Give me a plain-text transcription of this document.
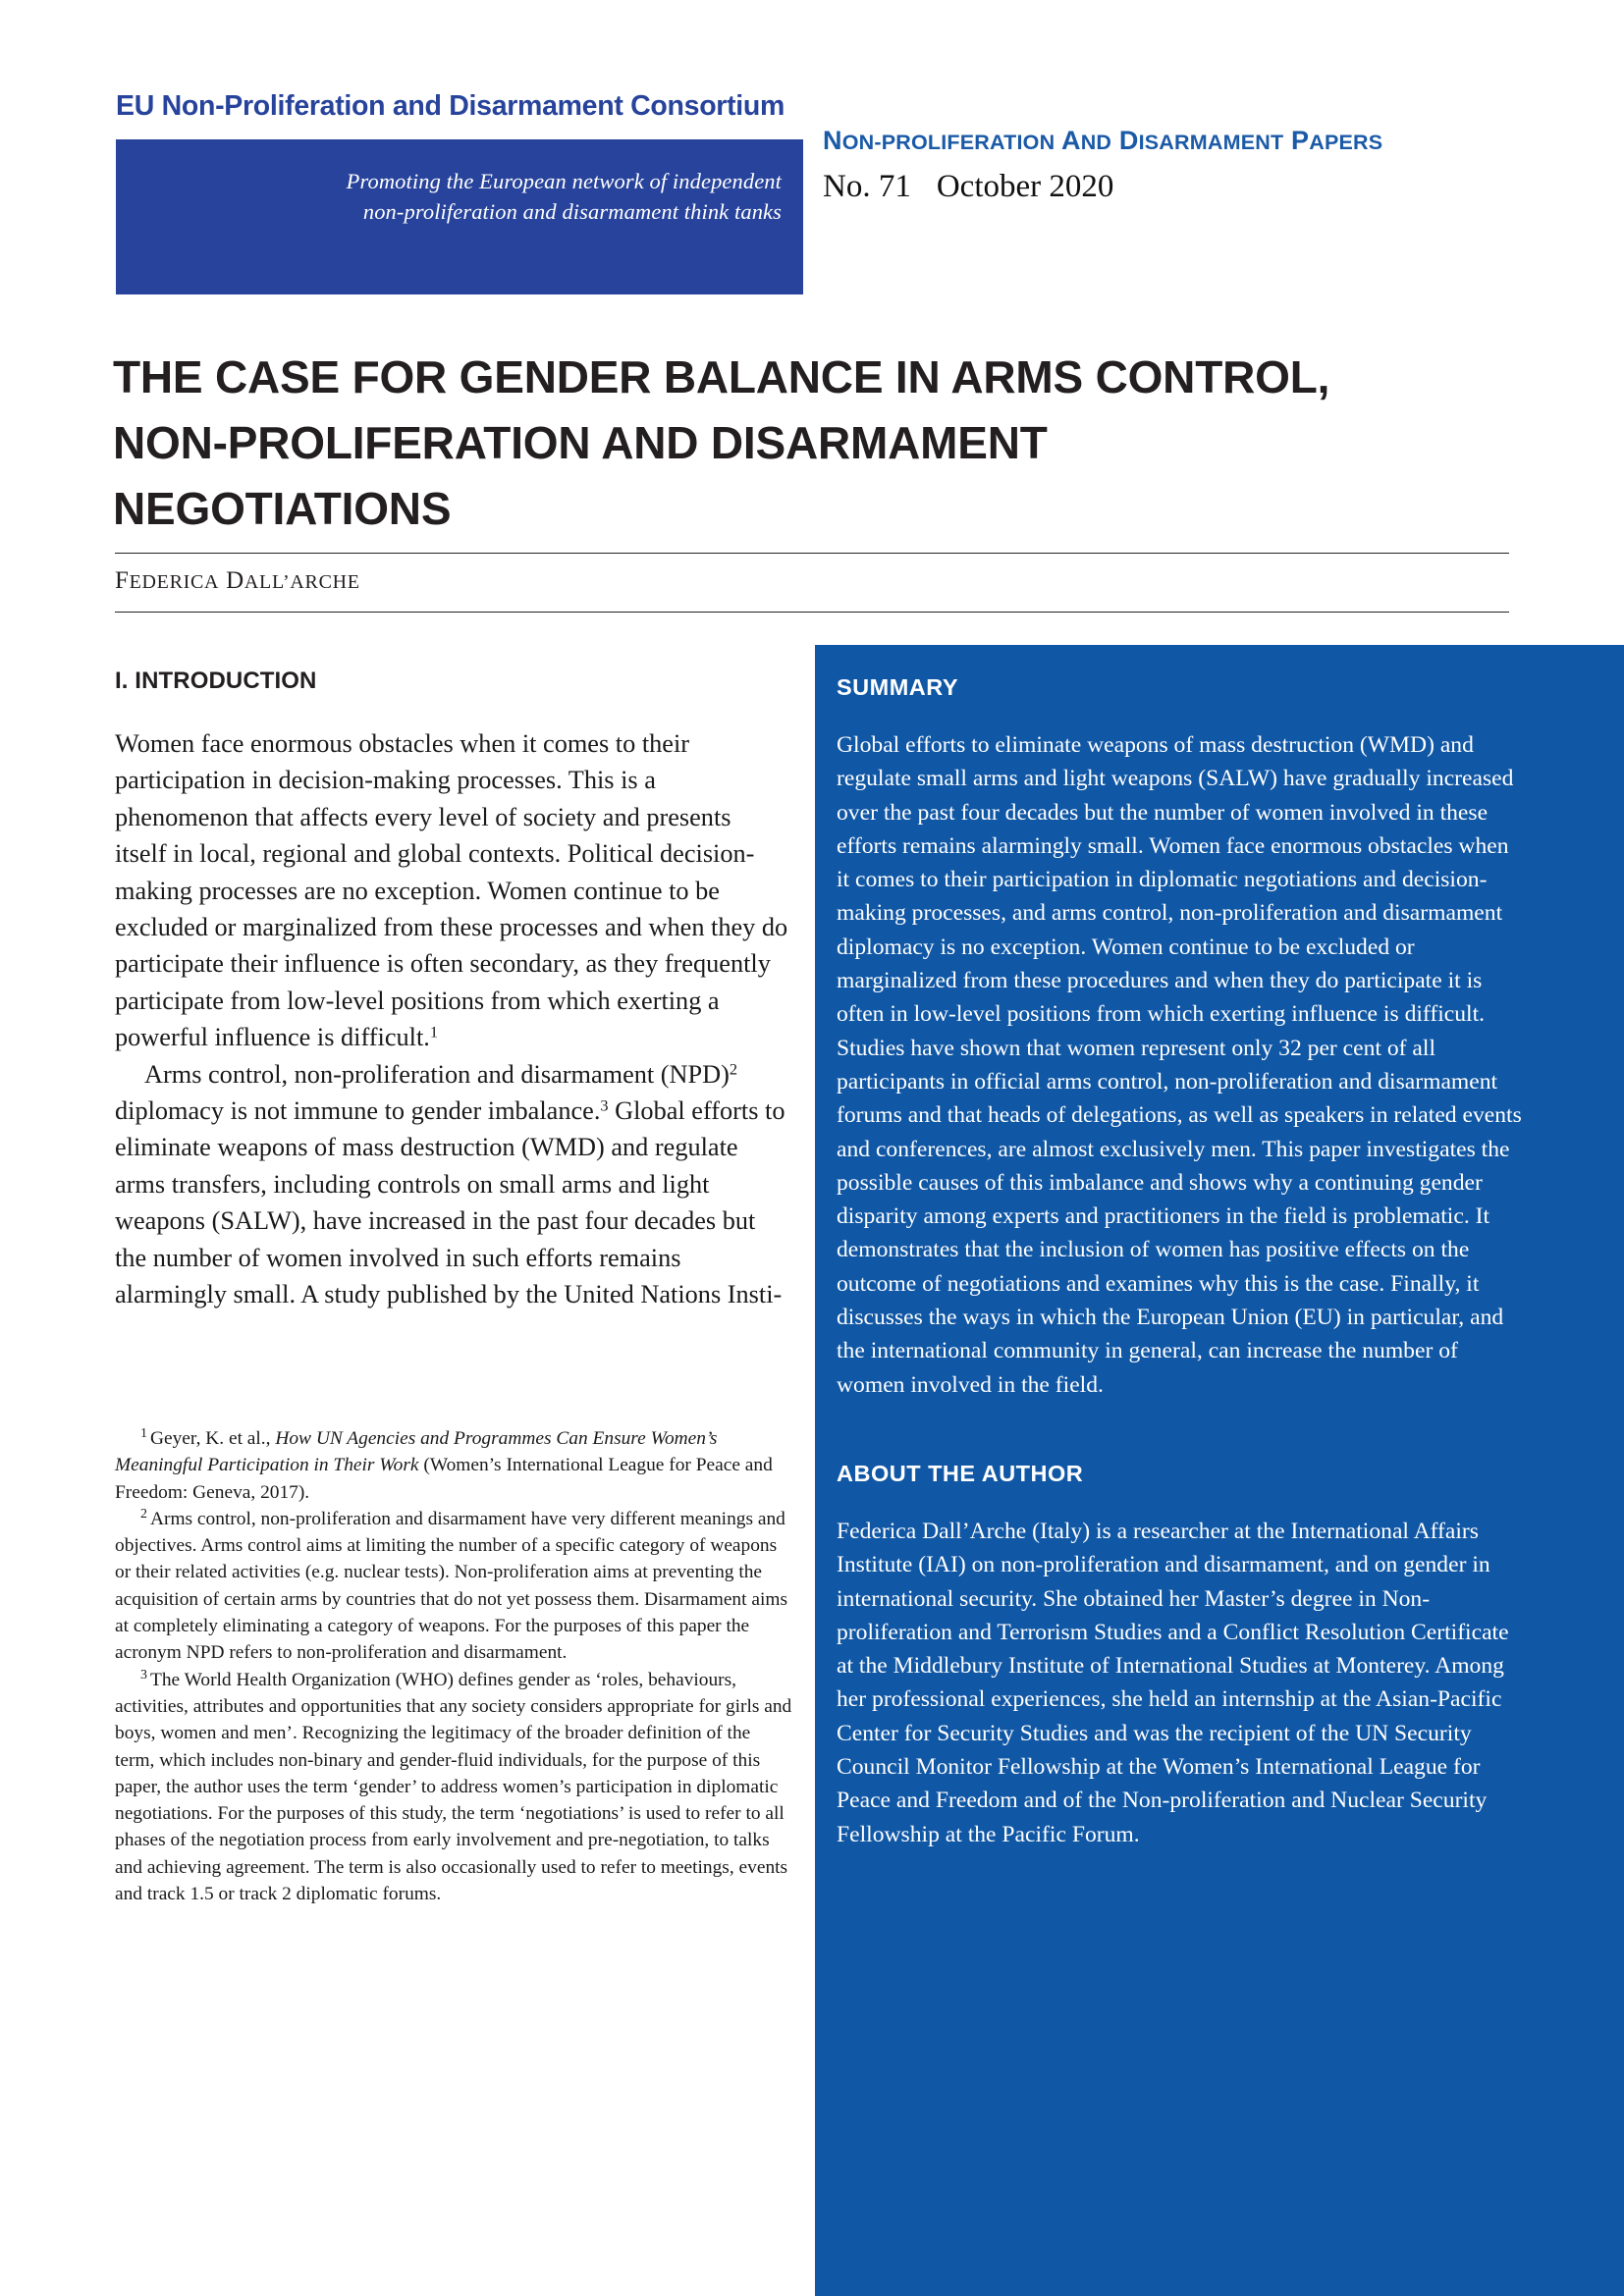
EU Non-Proliferation and Disarmament Consortium
Promoting the European network of independent
non-proliferation and disarmament think tanks
NON-PROLIFERATION AND DISARMAMENT PAPERS
No. 71 October 2020
THE CASE FOR GENDER BALANCE IN ARMS CONTROL, NON-PROLIFERATION AND DISARMAMENT NEGOTIATIONS
FEDERICA DALL’ARCHE
I. INTRODUCTION

Women face enormous obstacles when it comes to their participation in decision-making processes. This is a phenomenon that affects every level of society and presents itself in local, regional and global contexts. Political decision-making processes are no exception. Women continue to be excluded or marginalized from these processes and when they do participate their influence is often secondary, as they frequently participate from low-level positions from which exerting a powerful influence is difficult.$^1$

Arms control, non-proliferation and disarmament (NPD)$^2$ diplomacy is not immune to gender imbalance.$^3$ Global efforts to eliminate weapons of mass destruction (WMD) and regulate arms transfers, including controls on small arms and light weapons (SALW), have increased in the past four decades but the number of women involved in such efforts remains alarmingly small. A study published by the United Nations Insti-

$^1$ Geyer, K. et al., How UN Agencies and Programmes Can Ensure Women’s Meaningful Participation in Their Work (Women’s International League for Peace and Freedom: Geneva, 2017).

$^2$ Arms control, non-proliferation and disarmament have very different meanings and objectives. Arms control aims at limiting the number of a specific category of weapons or their related activities (e.g. nuclear tests). Non-proliferation aims at preventing the acquisition of certain arms by countries that do not yet possess them. Disarmament aims at completely eliminating a category of weapons. For the purposes of this paper the acronym NPD refers to non-proliferation and disarmament.

$^3$ The World Health Organization (WHO) defines gender as ‘roles, behaviours, activities, attributes and opportunities that any society considers appropriate for girls and boys, women and men’. Recognizing the legitimacy of the broader definition of the term, which includes non-binary and gender-fluid individuals, for the purpose of this paper, the author uses the term ‘gender’ to address women’s participation in diplomatic negotiations. For the purposes of this study, the term ‘negotiations’ is used to refer to all phases of the negotiation process from early involvement and pre-negotiation, to talks and achieving agreement. The term is also occasionally used to refer to meetings, events and track 1.5 or track 2 diplomatic forums.

SUMMARY

Global efforts to eliminate weapons of mass destruction (WMD) and regulate small arms and light weapons (SALW) have gradually increased over the past four decades but the number of women involved in these efforts remains alarmingly small. Women face enormous obstacles when it comes to their participation in diplomatic negotiations and decision-making processes, and arms control, non-proliferation and disarmament diplomacy is no exception. Women continue to be excluded or marginalized from these procedures and when they do participate it is often in low-level positions from which exerting influence is difficult. Studies have shown that women represent only 32 per cent of all participants in official arms control, non-proliferation and disarmament forums and that heads of delegations, as well as speakers in related events and conferences, are almost exclusively men. This paper investigates the possible causes of this imbalance and shows why a continuing gender disparity among experts and practitioners in the field is problematic. It demonstrates that the inclusion of women has positive effects on the outcome of negotiations and examines why this is the case. Finally, it discusses the ways in which the European Union (EU) in particular, and the international community in general, can increase the number of women involved in the field.

ABOUT THE AUTHOR

Federica Dall’Arche (Italy) is a researcher at the International Affairs Institute (IAI) on non-proliferation and disarmament, and on gender in international security. She obtained her Master’s degree in Non-proliferation and Terrorism Studies and a Conflict Resolution Certificate at the Middlebury Institute of International Studies at Monterey. Among her professional experiences, she held an internship at the Asian-Pacific Center for Security Studies and was the recipient of the UN Security Council Monitor Fellowship at the Women’s International League for Peace and Freedom and of the Non-proliferation and Nuclear Security Fellowship at the Pacific Forum.
